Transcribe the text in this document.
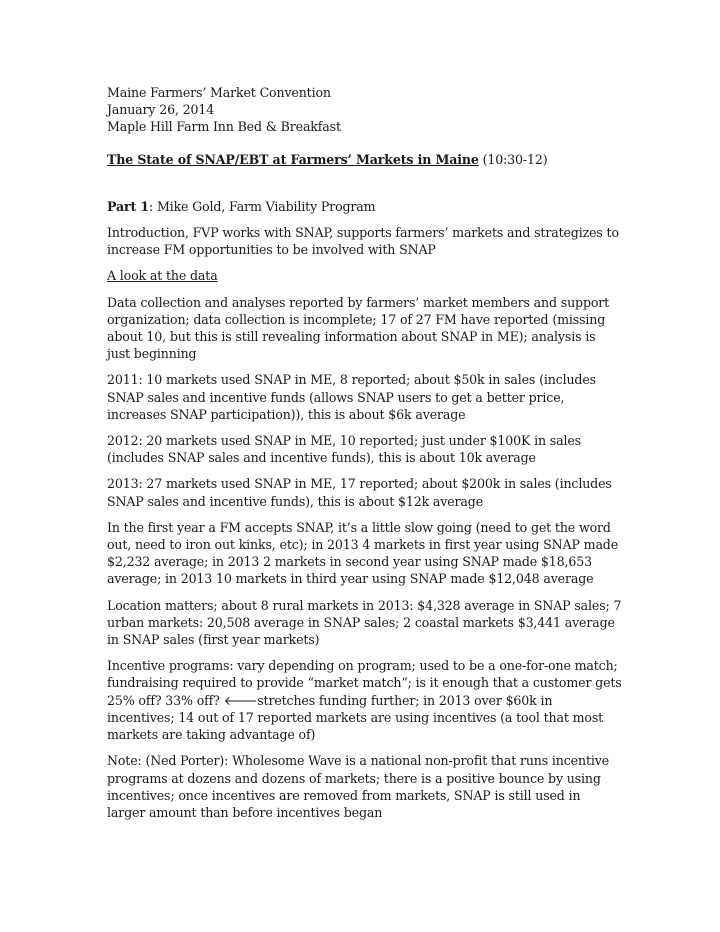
Maine Farmers’ Market Convention
January 26, 2014
Maple Hill Farm Inn Bed & Breakfast

The State of SNAP/EBT at Farmers’ Markets in Maine (10:30-12)

Part 1: Mike Gold, Farm Viability Program

Introduction, FVP works with SNAP, supports farmers’ markets and strategizes to increase FM opportunities to be involved with SNAP

A look at the data

Data collection and analyses reported by farmers’ market members and support organization; data collection is incomplete; 17 of 27 FM have reported (missing about 10, but this is still revealing information about SNAP in ME); analysis is just beginning

2011: 10 markets used SNAP in ME, 8 reported; about $50k in sales (includes SNAP sales and incentive funds (allows SNAP users to get a better price, increases SNAP participation)), this is about $6k average

2012: 20 markets used SNAP in ME, 10 reported; just under $100K in sales (includes SNAP sales and incentive funds), this is about 10k average

2013: 27 markets used SNAP in ME, 17 reported; about $200k in sales (includes SNAP sales and incentive funds), this is about $12k average

In the first year a FM accepts SNAP, it’s a little slow going (need to get the word out, need to iron out kinks, etc); in 2013 4 markets in first year using SNAP made $2,232 average; in 2013 2 markets in second year using SNAP made $18,653 average; in 2013 10 markets in third year using SNAP made $12,048 average

Location matters; about 8 rural markets in 2013: $4,328 average in SNAP sales; 7 urban markets: 20,508 average in SNAP sales; 2 coastal markets $3,441 average in SNAP sales (first year markets)

Incentive programs: vary depending on program; used to be a one-for-one match; fundraising required to provide “market match”; is it enough that a customer gets 25% off? 33% off? 🡐stretches funding further; in 2013 over $60k in incentives; 14 out of 17 reported markets are using incentives (a tool that most markets are taking advantage of)

Note: (Ned Porter): Wholesome Wave is a national non-profit that runs incentive programs at dozens and dozens of markets; there is a positive bounce by using incentives; once incentives are removed from markets, SNAP is still used in larger amount than before incentives began
